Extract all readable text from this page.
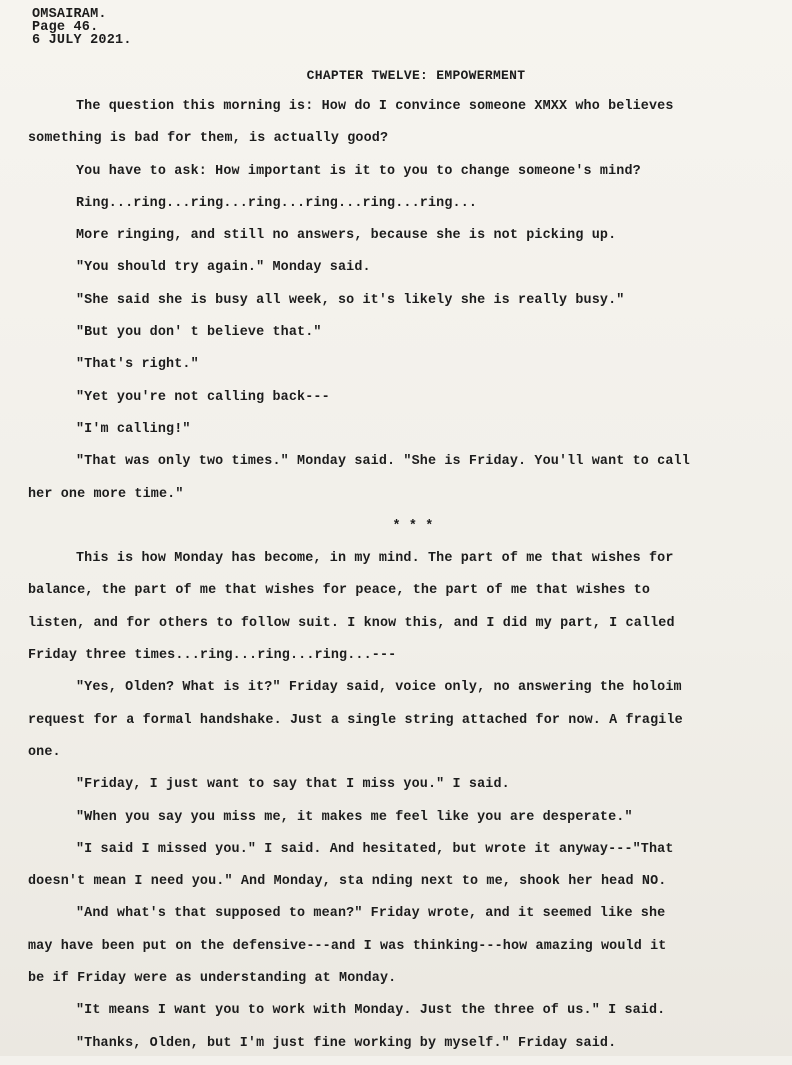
OMSAIRAM.
Page 46.
6 JULY 2021.
CHAPTER TWELVE: EMPOWERMENT
The question this morning is: How do I convince someone XMXX who believes
something is bad for them, is actually good?
You have to ask: How important is it to you to change someone's mind?
Ring...ring...ring...ring...ring...ring...ring...
More ringing, and still no answers, because she is not picking up.
"You should try again." Monday said.
"She said she is busy all week, so it's likely she is really busy."
"But you don' t believe that."
"That's right."
"Yet you're not calling back---
"I'm calling!"
"That was only two times." Monday said. "She is Friday. You'll want to call
her one more time."
* * *
This is how Monday has become, in my mind. The part of me that wishes for
balance, the part of me that wishes for peace, the part of me that wishes to
listen, and for others to follow suit. I know this, and I did my part, I called
Friday three times...ring...ring...ring...---
"Yes, Olden? What is it?" Friday said, voice only, no answering the holoim
request for a formal handshake. Just a single string attached for now. A fragile
one.
"Friday, I just want to say that I miss you." I said.
"When you say you miss me, it makes me feel like you are desperate."
"I said I missed you." I said. And hesitated, but wrote it anyway---"That
doesn't mean I need you." And Monday, sta nding next to me, shook her head NO.
"And what's that supposed to mean?" Friday wrote, and it seemed like she
may have been put on the defensive---and I was thinking---how amazing would it
be if Friday were as understanding at Monday.
"It means I want you to work with Monday. Just the three of us." I said.
"Thanks, Olden, but I'm just fine working by myself." Friday said.
